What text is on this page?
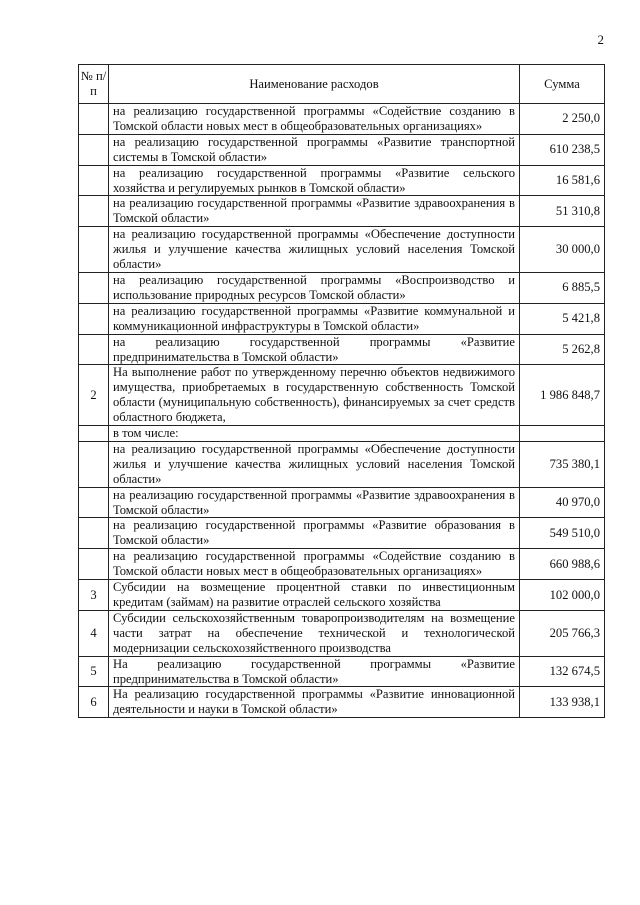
2
№ п/п	Наименование расходов	Сумма
	на реализацию государственной программы «Содействие созданию в Томской области новых мест в общеобразовательных организациях»	2 250,0
	на реализацию государственной программы «Развитие транспортной системы в Томской области»	610 238,5
	на реализацию государственной программы «Развитие сельского хозяйства и регулируемых рынков в Томской области»	16 581,6
	на реализацию государственной программы «Развитие здравоохранения в Томской области»	51 310,8
	на реализацию государственной программы «Обеспечение доступности жилья и улучшение качества жилищных условий населения Томской области»	30 000,0
	на реализацию государственной программы «Воспроизводство и использование природных ресурсов Томской области»	6 885,5
	на реализацию государственной программы «Развитие коммунальной и коммуникационной инфраструктуры в Томской области»	5 421,8
	на реализацию государственной программы «Развитие предпринимательства в Томской области»	5 262,8
2	На выполнение работ по утвержденному перечню объектов недвижимого имущества, приобретаемых в государственную собственность Томской области (муниципальную собственность), финансируемых за счет средств областного бюджета,	1 986 848,7
	в том числе:	
	на реализацию государственной программы «Обеспечение доступности жилья и улучшение качества жилищных условий населения Томской области»	735 380,1
	на реализацию государственной программы «Развитие здравоохранения в Томской области»	40 970,0
	на реализацию государственной программы «Развитие образования в Томской области»	549 510,0
	на реализацию государственной программы «Содействие созданию в Томской области новых мест в общеобразовательных организациях»	660 988,6
3	Субсидии на возмещение процентной ставки по инвестиционным кредитам (займам) на развитие отраслей сельского хозяйства	102 000,0
4	Субсидии сельскохозяйственным товаропроизводителям на возмещение части затрат на обеспечение технической и технологической модернизации сельскохозяйственного производства	205 766,3
5	На реализацию государственной программы «Развитие предпринимательства в Томской области»	132 674,5
6	На реализацию государственной программы «Развитие инновационной деятельности и науки в Томской области»	133 938,1
